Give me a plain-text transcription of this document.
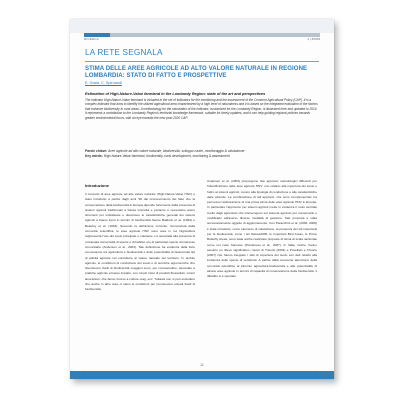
RICERCA	2 | 8/9/09
LA RETE SEGNALA
STIMA DELLE AREE AGRICOLE AD ALTO VALORE NATURALE IN REGIONE LOMBARDIA: STATO DI FATTO E PROSPETTIVE
E. Grala, C. Spiroandi
Estimation of High-Nature-Value farmland in the Lombardy Region: state of the art and perspectives
The indicator High-Nature-Value farmland is included in the set of indicators for the monitoring and the assessment of the Common Agricultural Policy (CAP). It is a complex indicator that aims to identify the utilized agricultural area characterized by a high level of naturalness and it is based on the integrated evaluation of the factors that enhance biodiversity in rural areas. A methodology for the calculation of the indicator, customized for the Lombardy Region, is illustrated here and updated to 2014. It represents a contribution to the Lombardy Region's territorial knowledge framework, suitable for timely updates, and it can help guiding regional policies towards greater environmental focus, with an eye towards the new post-2020 CAP.
Parole chiave: Aree agricole ad alto valore naturale, biodiversità, sviluppo rurale, monitoraggio & valutazione
Key words: High-Nature-Value farmland, biodiversity, rural development, monitoring & assessment
Introduzione

Il concetto di aree agricole ad alto valore naturale (High-Nature-Value HNV) è stato introdotto a partire dagli anni '90 dal riconoscimento del fatto che la conservazione della biodiversità in Europa dipende fortemente dalla presenza di sistemi agricoli tradizionali a bassa intensità e pertanto è necessario avere strumenti per individuare e descrivere le caratteristiche generali dei sistemi agricoli a basso input in termini di biodiversità favore Baldock et al. (1993) e Beaufoy et al. (1994). Secondo la definizione corrente, riconosciuta dalla comunità scientifica, le aree agricole HNV sono aree in cui l'agricoltura rappresenta l'uso del suolo principale e mantiene o è associata alla presenza di un'elevata numerosità di specie e di habitat, e/o di particolari specie di interesse comunitario (Andersen et al., 2003). Tale definizione ha evidenza della forte connessione tra agricoltura e biodiversità e delle potenzialità di determinati tipi di attività agricole nel contribuire al valore naturale del territorio. In ambito agricolo, le condizioni di conduzione del suolo e di tecniche agronomiche che favoriscono livelli di biodiversità maggiori sono, per consuetudine, associate a pratiche agricole a basso impatto, con minori input di prodotti fitosanitari, minori lavorazioni, che fanno ricorso a colture orag, ecc. Tuttavia non si può escludere che anche in altre aree ci siano le condizioni per promuovere elevati livelli di biodiversità.

Andersen et al. (2003) propongono due approcci metodologici differenti per l'identificazione delle aree agricole HNV: uno relativo alla copertura del suolo e l'altro ai sistemi agricoli, ovvero alla tipologia di conduzione e alle caratteristiche delle aziende. La combinazione di tali approcci, che sono complementari, ha permesso l'elaborazione di una prima stima delle aree agricole HNV in Europa. In particolare l'approccio per sistemi agricoli mette in evidenza il ruolo centrale svolto dagli agricoltori che intervengono sul sistema agricolo per conservarlo o modificarlo attraverso diverse modalità di gestione. Tale proposta è stata successivamente oggetto di aggiornamento. Con Paracchini et al. (2006, 2008) è stata introdotto, come elemento di valutazione, la presenza dei siti importanti per la biodiversità, come i siti Natura2000, le Important Bird Areas, le Prime Butterfly Areas; sono state anche realizzate proposte di stima di scala nazionale come nel caso francese (Pointereau et al., 2007). In Italia, inoltre, hanno assunto un rilievo significativo i lavori di Trisorio (2004) e Povellato e Trisorio (2007) che hanno integrato i dati di copertura del suolo con dati relativi alla incidenza delle specie di vertebrati. A partire dalla crescente attenzione della comunità scientifica al binomio agricoltura-biodiversità e alle potenzialità di alcune aree agricole in termini di capacità di conservazione della biodiversità, il dibattito si è spostato

11
